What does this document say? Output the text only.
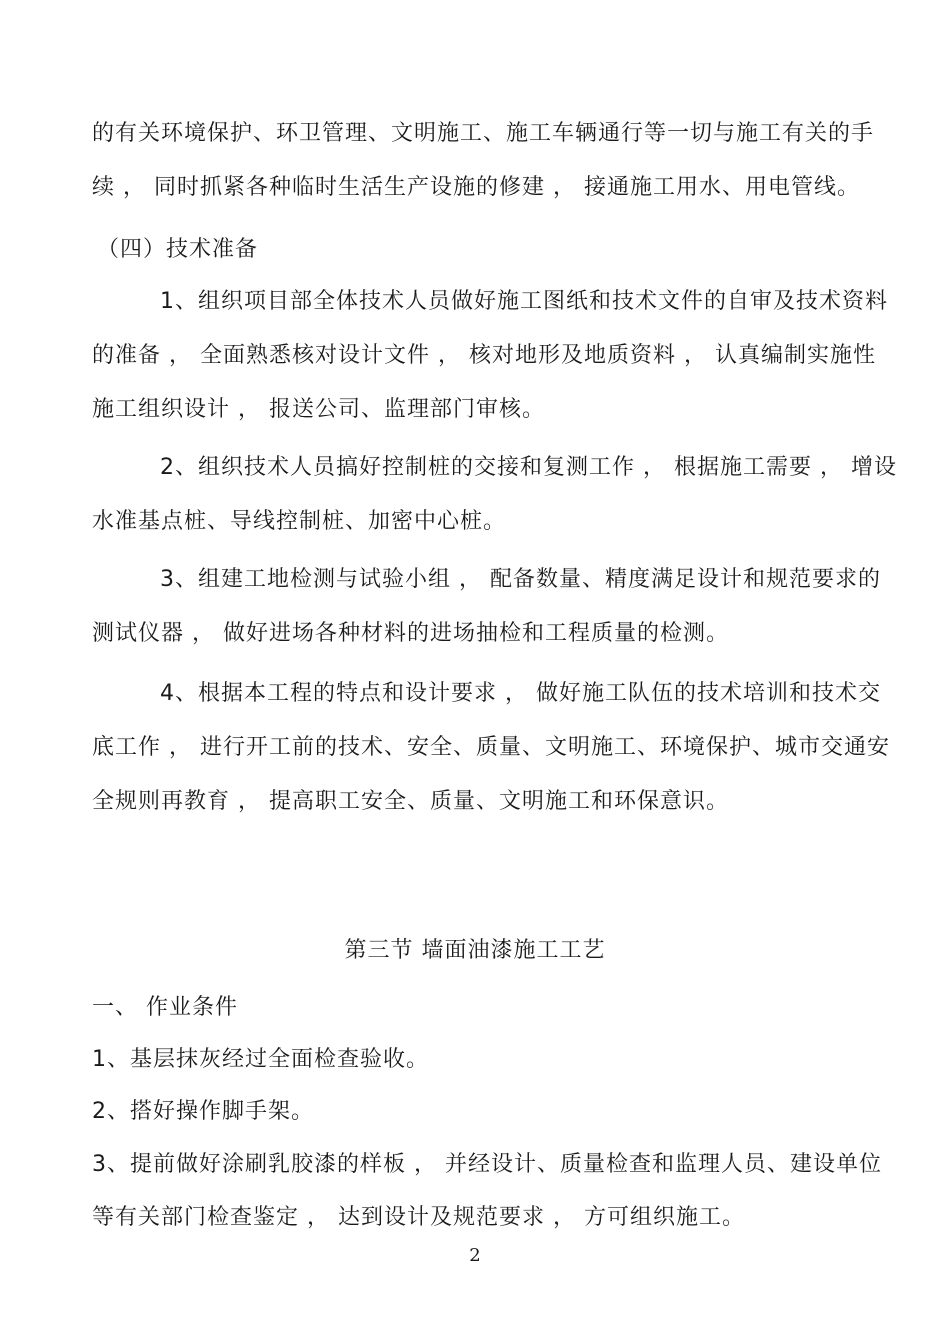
的有关环境保护、环卫管理、文明施工、施工车辆通行等一切与施工有关的手
续 ， 同时抓紧各种临时生活生产设施的修建 ， 接通施工用水、用电管线。
（四）技术准备
1、组织项目部全体技术人员做好施工图纸和技术文件的自审及技术资料
的准备 ， 全面熟悉核对设计文件 ， 核对地形及地质资料 ， 认真编制实施性
施工组织设计 ， 报送公司、监理部门审核。
2、组织技术人员搞好控制桩的交接和复测工作 ， 根据施工需要 ， 增设
水准基点桩、导线控制桩、加密中心桩。
3、组建工地检测与试验小组 ， 配备数量、精度满足设计和规范要求的
测试仪器 ， 做好进场各种材料的进场抽检和工程质量的检测。
4、根据本工程的特点和设计要求 ， 做好施工队伍的技术培训和技术交
底工作 ， 进行开工前的技术、安全、质量、文明施工、环境保护、城市交通安
全规则再教育 ， 提高职工安全、质量、文明施工和环保意识。
第三节 墙面油漆施工工艺
一、 作业条件
1、基层抹灰经过全面检查验收。
2、搭好操作脚手架。
3、提前做好涂刷乳胶漆的样板 ， 并经设计、质量检查和监理人员、建设单位
等有关部门检查鉴定 ， 达到设计及规范要求 ， 方可组织施工。
2
